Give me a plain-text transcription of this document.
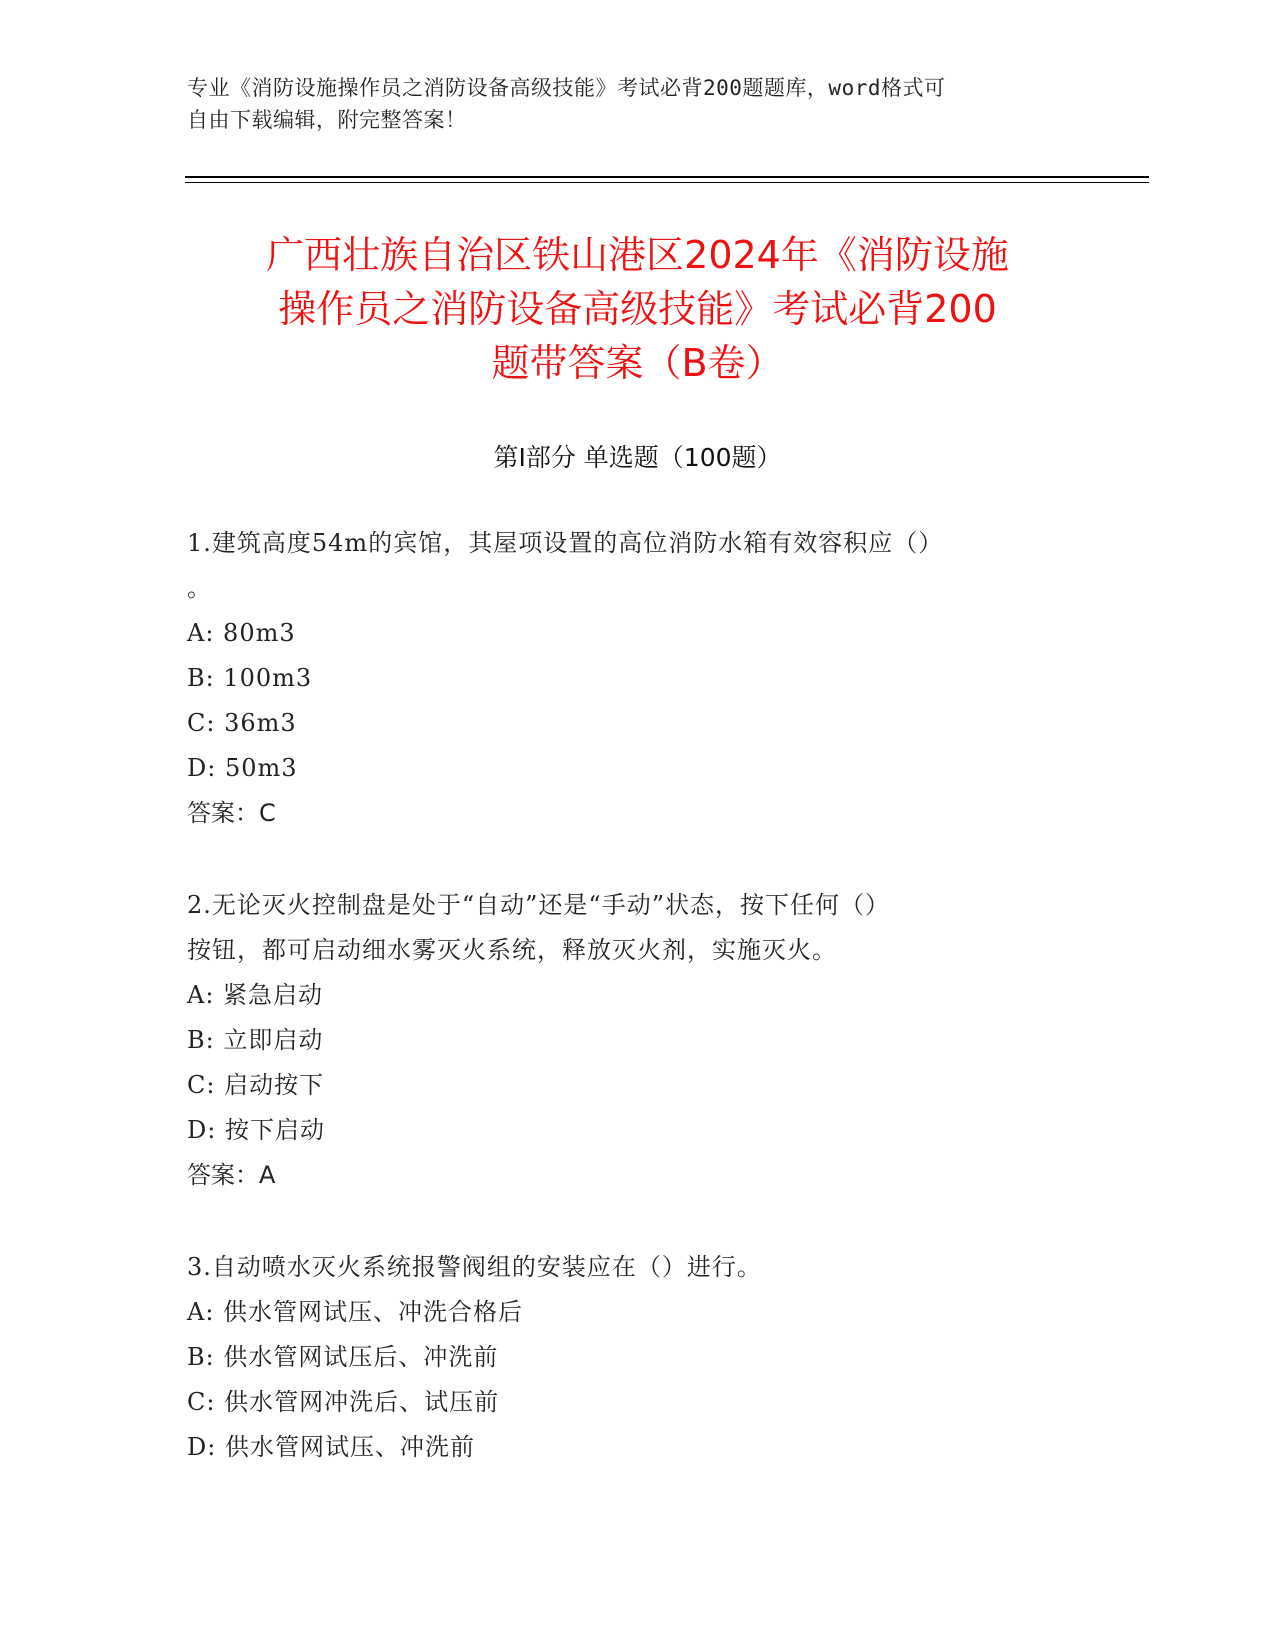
专业《消防设施操作员之消防设备高级技能》考试必背200题题库，word格式可
自由下载编辑，附完整答案！
广西壮族自治区铁山港区2024年《消防设施
操作员之消防设备高级技能》考试必背200
题带答案（B卷）
第Ⅰ部分 单选题（100题）
1.建筑高度54m的宾馆，其屋项设置的高位消防水箱有效容积应（）
。
A: 80m3
B: 100m3
C: 36m3
D: 50m3
答案：C
2.无论灭火控制盘是处于“自动”还是“手动”状态，按下任何（）
按钮，都可启动细水雾灭火系统，释放灭火剂，实施灭火。
A: 紧急启动
B: 立即启动
C: 启动按下
D: 按下启动
答案：A
3.自动喷水灭火系统报警阀组的安装应在（）进行。
A: 供水管网试压、冲洗合格后
B: 供水管网试压后、冲洗前
C: 供水管网冲洗后、试压前
D: 供水管网试压、冲洗前
